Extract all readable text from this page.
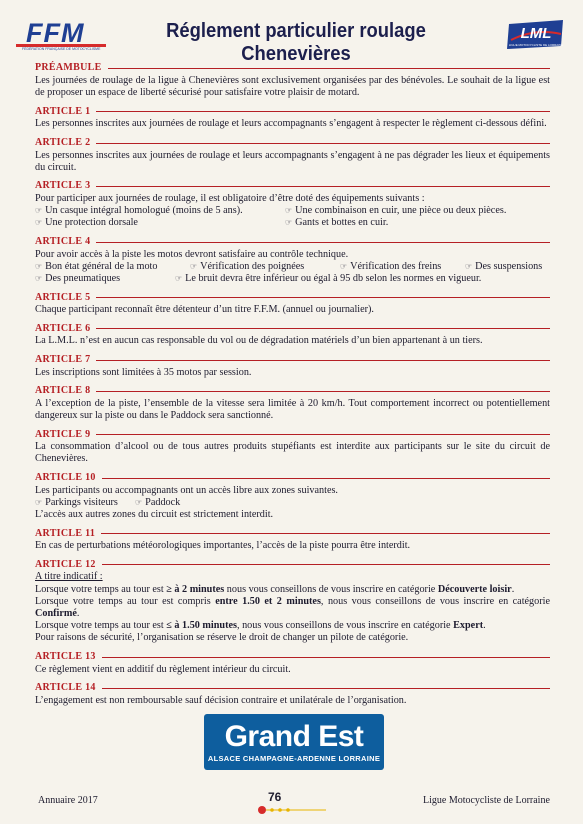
FFM
FÉDÉRATION FRANÇAISE DE MOTOCYCLISME
Réglement particulier roulage Chenevières
LML
LIGUE MOTOCYCLISTE DE LORRAINE
PRÉAMBULE
Les journées de roulage de la ligue à Chenevières sont exclusivement organisées par des bénévoles. Le souhait de la ligue est de proposer un espace de liberté sécurisé pour satisfaire votre plaisir de motard.
ARTICLE 1
Les personnes inscrites aux journées de roulage et leurs accompagnants s’engagent à respecter le règlement ci-dessous défini.
ARTICLE 2
Les personnes inscrites aux journées de roulage et leurs accompagnants s’engagent à ne pas dégrader les lieux et équipements du circuit.
ARTICLE 3
Pour participer aux journées de roulage, il est obligatoire d’être doté des équipements suivants :
☞ Un casque intégral homologué (moins de 5 ans).	☞ Une combinaison en cuir, une pièce ou deux pièces.
☞ Une protection dorsale	☞ Gants et bottes en cuir.
ARTICLE 4
Pour avoir accès à la piste les motos devront satisfaire au contrôle technique.
☞ Bon état général de la moto	☞ Vérification des poignées	☞ Vérification des freins	☞ Des suspensions
☞ Des pneumatiques	☞ Le bruit devra être inférieur ou égal à 95 db selon les normes en vigueur.
ARTICLE 5
Chaque participant reconnaît être détenteur d’un titre F.F.M. (annuel ou journalier).
ARTICLE 6
La L.M.L. n’est en aucun cas responsable du vol ou de dégradation matériels d’un bien appartenant à un tiers.
ARTICLE 7
Les inscriptions sont limitées à 35 motos par session.
ARTICLE 8
A l’exception de la piste, l’ensemble de la vitesse sera limitée à 20 km/h. Tout comportement incorrect ou potentiellement dangereux sur la piste ou dans le Paddock sera sanctionné.
ARTICLE 9
La consommation d’alcool ou de tous autres produits stupéfiants est interdite aux participants sur le site du circuit de Chenevières.
ARTICLE 10
Les participants ou accompagnants ont un accès libre aux zones suivantes.
☞ Parkings visiteurs	☞ Paddock
L’accès aux autres zones du circuit est strictement interdit.
ARTICLE 11
En cas de perturbations météorologiques importantes, l’accès de la piste pourra être interdit.
ARTICLE 12
A titre indicatif :
Lorsque votre temps au tour est ≥ à 2 minutes nous vous conseillons de vous inscrire en catégorie Découverte loisir.
Lorsque votre temps au tour est compris entre 1.50 et 2 minutes, nous vous conseillons de vous inscrire en catégorie Confirmé.
Lorsque votre temps au tour est ≤ à 1.50 minutes, nous vous conseillons de vous inscrire en catégorie Expert.
Pour raisons de sécurité, l’organisation se réserve le droit de changer un pilote de catégorie.
ARTICLE 13
Ce règlement vient en additif du règlement intérieur du circuit.
ARTICLE 14
L’engagement est non remboursable sauf décision contraire et unilatérale de l’organisation.
Grand Est
ALSACE CHAMPAGNE-ARDENNE LORRAINE
Annuaire 2017	76	Ligue Motocycliste de Lorraine
